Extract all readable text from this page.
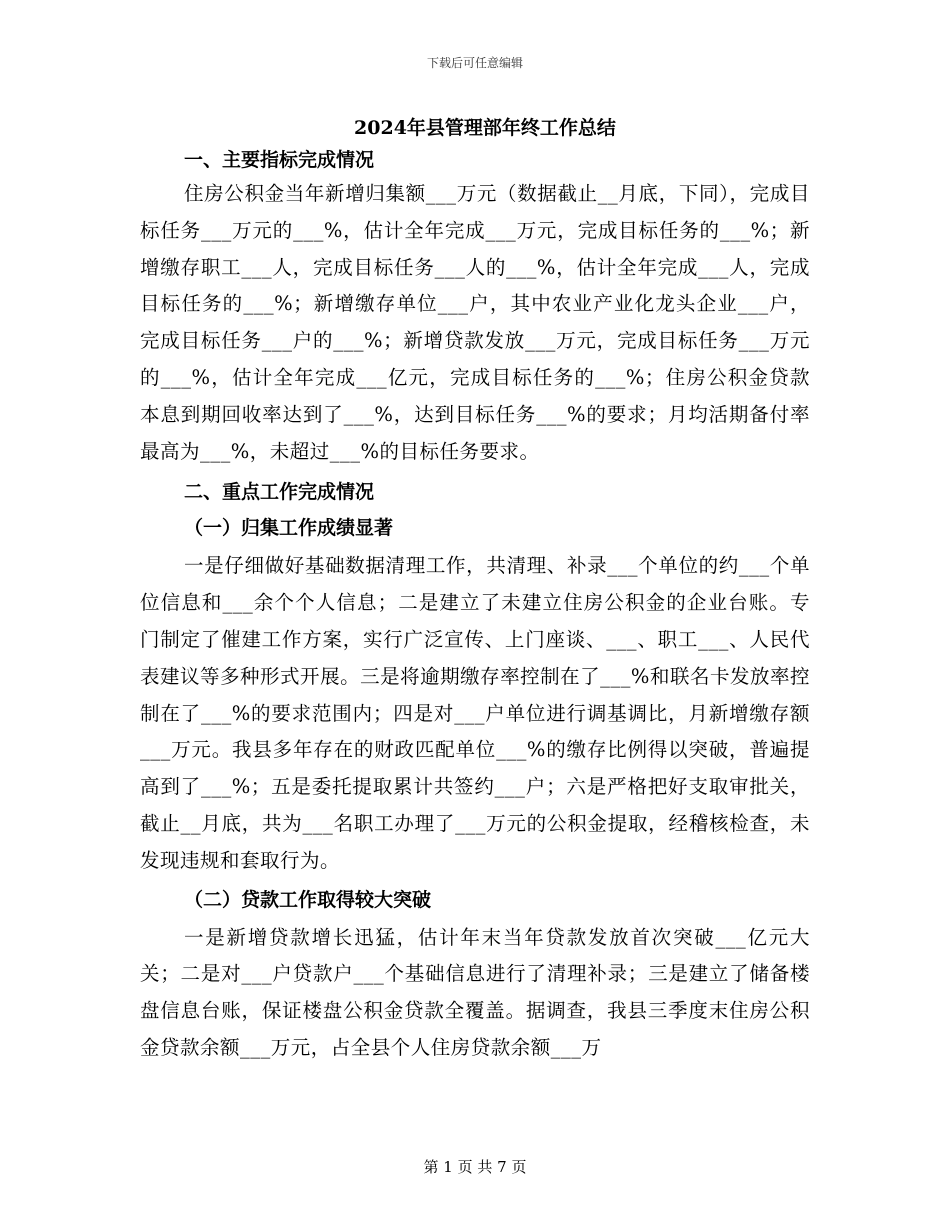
下载后可任意编辑
2024年县管理部年终工作总结
一、主要指标完成情况

住房公积金当年新增归集额___万元（数据截止__月底，下同），完成目标任务___万元的___%，估计全年完成___万元，完成目标任务的___%；新增缴存职工___人，完成目标任务___人的___%，估计全年完成___人，完成目标任务的___%；新增缴存单位___户，其中农业产业化龙头企业___户，完成目标任务___户的___%；新增贷款发放___万元，完成目标任务___万元的___%，估计全年完成___亿元，完成目标任务的___%；住房公积金贷款本息到期回收率达到了___%，达到目标任务___%的要求；月均活期备付率最高为___%，未超过___%的目标任务要求。

二、重点工作完成情况
（一）归集工作成绩显著

一是仔细做好基础数据清理工作，共清理、补录___个单位的约___个单位信息和___余个个人信息；二是建立了未建立住房公积金的企业台账。专门制定了催建工作方案，实行广泛宣传、上门座谈、___、职工___、人民代表建议等多种形式开展。三是将逾期缴存率控制在了___%和联名卡发放率控制在了___%的要求范围内；四是对___户单位进行调基调比，月新增缴存额___万元。我县多年存在的财政匹配单位___%的缴存比例得以突破，普遍提高到了___%；五是委托提取累计共签约___户；六是严格把好支取审批关，截止__月底，共为___名职工办理了___万元的公积金提取，经稽核检查，未发现违规和套取行为。

（二）贷款工作取得较大突破

一是新增贷款增长迅猛，估计年末当年贷款发放首次突破___亿元大关；二是对___户贷款户___个基础信息进行了清理补录；三是建立了储备楼盘信息台账，保证楼盘公积金贷款全覆盖。据调查，我县三季度末住房公积金贷款余额___万元，占全县个人住房贷款余额___万

第 1 页 共 7 页
